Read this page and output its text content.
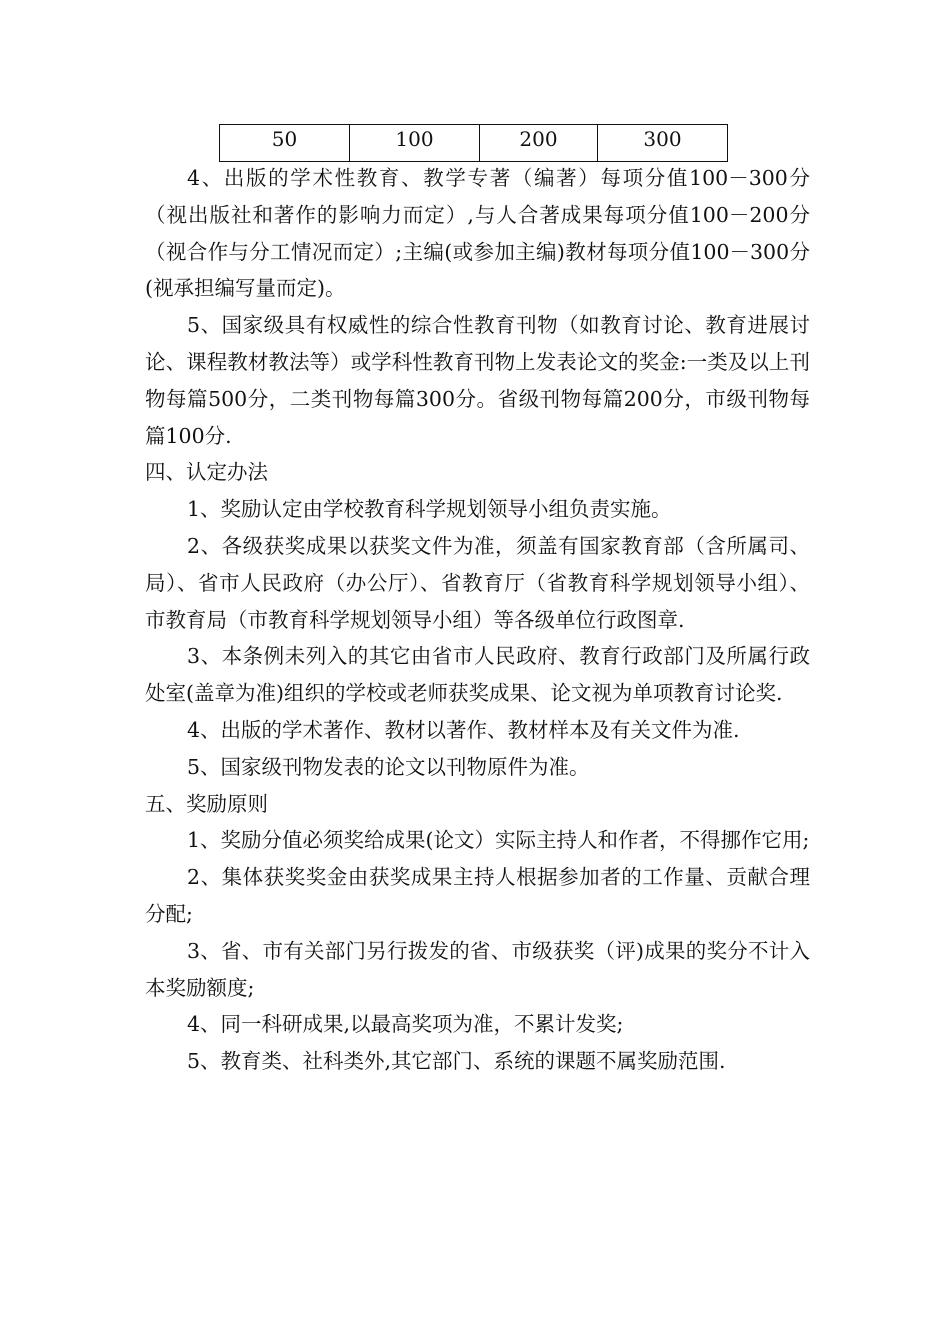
50	100	200	300

4、出版的学术性教育、教学专著（编著）每项分值100－300分（视出版社和著作的影响力而定）,与人合著成果每项分值100－200分（视合作与分工情况而定）;主编(或参加主编)教材每项分值100－300分(视承担编写量而定)。

5、国家级具有权威性的综合性教育刊物（如教育讨论、教育进展讨论、课程教材教法等）或学科性教育刊物上发表论文的奖金:一类及以上刊物每篇500分，二类刊物每篇300分。省级刊物每篇200分，市级刊物每篇100分.

四、认定办法

1、奖励认定由学校教育科学规划领导小组负责实施。

2、各级获奖成果以获奖文件为准，须盖有国家教育部（含所属司、局）、省市人民政府（办公厅）、省教育厅（省教育科学规划领导小组）、市教育局（市教育科学规划领导小组）等各级单位行政图章.

3、本条例未列入的其它由省市人民政府、教育行政部门及所属行政处室(盖章为准)组织的学校或老师获奖成果、论文视为单项教育讨论奖.

4、出版的学术著作、教材以著作、教材样本及有关文件为准.

5、国家级刊物发表的论文以刊物原件为准。

五、奖励原则

1、奖励分值必须奖给成果(论文）实际主持人和作者，不得挪作它用;

2、集体获奖奖金由获奖成果主持人根据参加者的工作量、贡献合理分配;

3、省、市有关部门另行拨发的省、市级获奖（评)成果的奖分不计入本奖励额度;

4、同一科研成果,以最高奖项为准，不累计发奖;

5、教育类、社科类外,其它部门、系统的课题不属奖励范围.
